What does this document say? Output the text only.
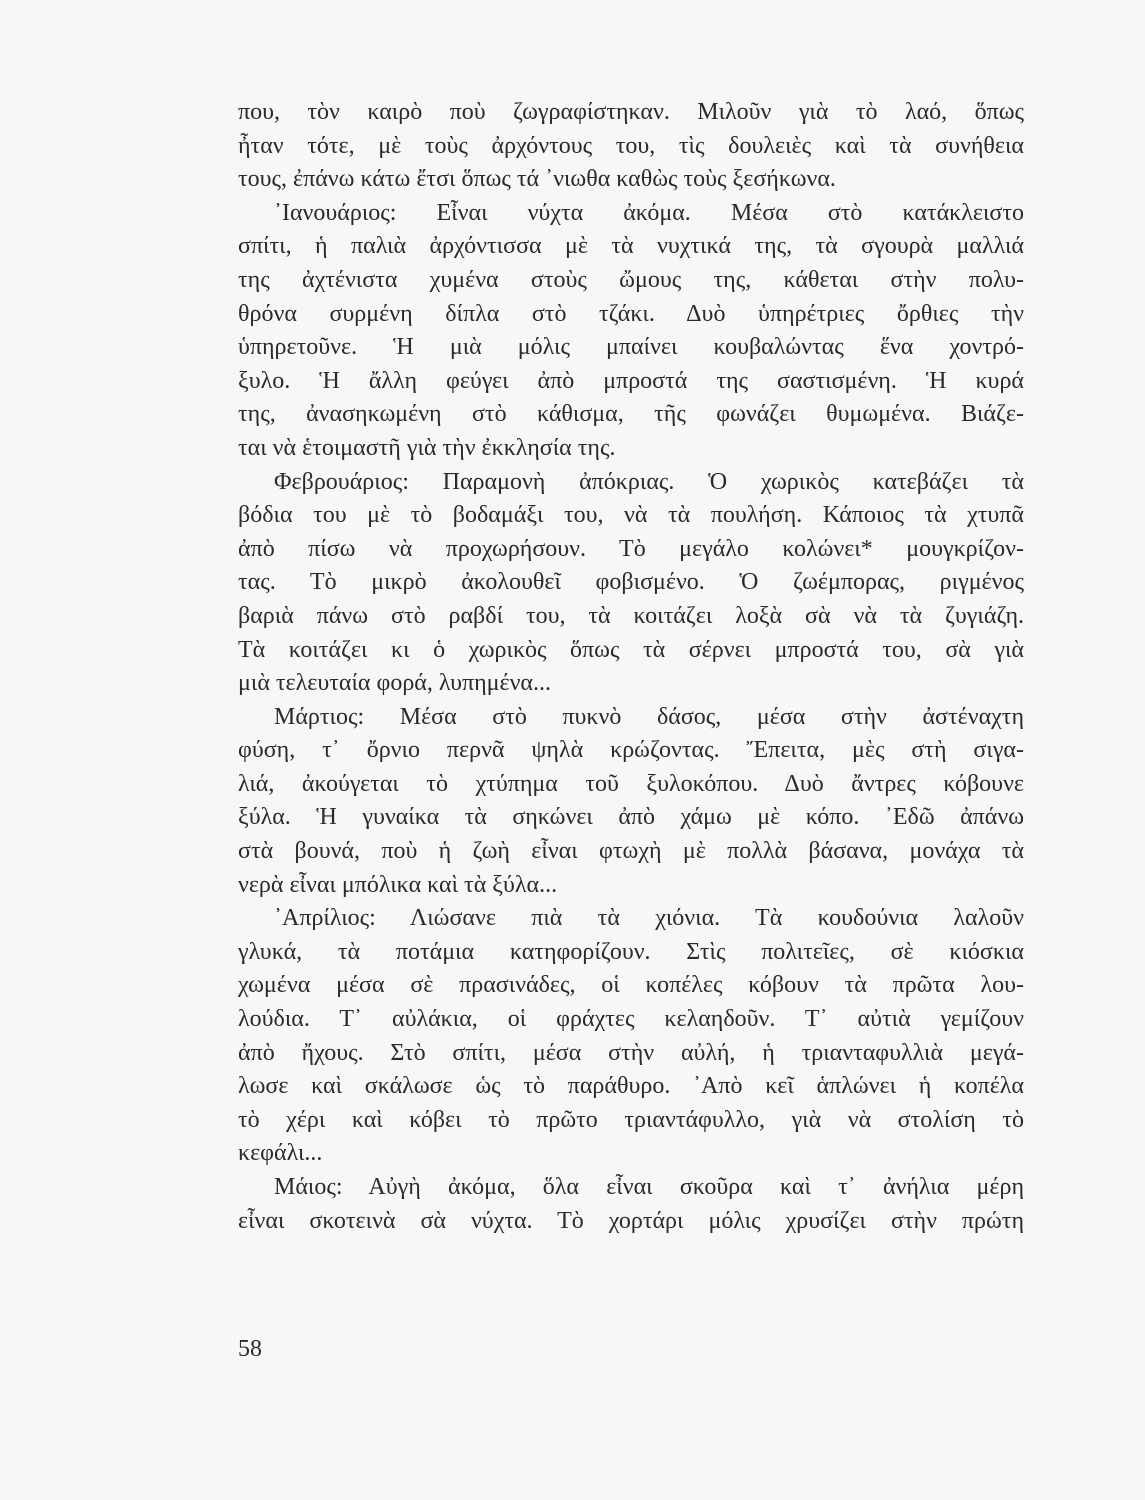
που, τὸν καιρὸ ποὺ ζωγραφίστηκαν. Μιλοῦν γιὰ τὸ λαό, ὅπως
ἦταν τότε, μὲ τοὺς ἀρχόντους του, τὶς δουλειὲς καὶ τὰ συνήθεια
τους, ἐπάνω κάτω ἔτσι ὅπως τά ᾽νιωθα καθὼς τοὺς ξεσήκωνα.
᾽Ιανουάριος: Εἶναι νύχτα ἀκόμα. Μέσα στὸ κατάκλειστο
σπίτι, ἡ παλιὰ ἀρχόντισσα μὲ τὰ νυχτικά της, τὰ σγουρὰ μαλλιά
της ἀχτένιστα χυμένα στοὺς ὤμους της, κάθεται στὴν πολυ-
θρόνα συρμένη δίπλα στὸ τζάκι. Δυὸ ὑπηρέτριες ὄρθιες τὴν
ὑπηρετοῦνε. Ἡ μιὰ μόλις μπαίνει κουβαλώντας ἕνα χοντρό-
ξυλο. Ἡ ἄλλη φεύγει ἀπὸ μπροστά της σαστισμένη. Ἡ κυρά
της, ἀνασηκωμένη στὸ κάθισμα, τῆς φωνάζει θυμωμένα. Βιάζε-
ται νὰ ἑτοιμαστῆ γιὰ τὴν ἐκκλησία της.
Φεβρουάριος: Παραμονὴ ἀπόκριας. Ὁ χωρικὸς κατεβάζει τὰ
βόδια του μὲ τὸ βοδαμάξι του, νὰ τὰ πουλήση. Κάποιος τὰ χτυπᾶ
ἀπὸ πίσω νὰ προχωρήσουν. Τὸ μεγάλο κολώνει* μουγκρίζον-
τας. Τὸ μικρὸ ἀκολουθεῖ φοβισμένο. Ὁ ζωέμπορας, ριγμένος
βαριὰ πάνω στὸ ραβδί του, τὰ κοιτάζει λοξὰ σὰ νὰ τὰ ζυγιάζη.
Τὰ κοιτάζει κι ὁ χωρικὸς ὅπως τὰ σέρνει μπροστά του, σὰ γιὰ
μιὰ τελευταία φορά, λυπημένα...
Μάρτιος: Μέσα στὸ πυκνὸ δάσος, μέσα στὴν ἀστέναχτη
φύση, τ᾽ ὄρνιο περνᾶ ψηλὰ κρώζοντας. Ἔπειτα, μὲς στὴ σιγα-
λιά, ἀκούγεται τὸ χτύπημα τοῦ ξυλοκόπου. Δυὸ ἄντρες κόβουνε
ξύλα. Ἡ γυναίκα τὰ σηκώνει ἀπὸ χάμω μὲ κόπο. ᾽Εδῶ ἀπάνω
στὰ βουνά, ποὺ ἡ ζωὴ εἶναι φτωχὴ μὲ πολλὰ βάσανα, μονάχα τὰ
νερὰ εἶναι μπόλικα καὶ τὰ ξύλα...
᾽Απρίλιος: Λιώσανε πιὰ τὰ χιόνια. Τὰ κουδούνια λαλοῦν
γλυκά, τὰ ποτάμια κατηφορίζουν. Στὶς πολιτεῖες, σὲ κιόσκια
χωμένα μέσα σὲ πρασινάδες, οἱ κοπέλες κόβουν τὰ πρῶτα λου-
λούδια. Τ᾽ αὐλάκια, οἱ φράχτες κελαηδοῦν. Τ᾽ αὐτιὰ γεμίζουν
ἀπὸ ἤχους. Στὸ σπίτι, μέσα στὴν αὐλή, ἡ τριανταφυλλιὰ μεγά-
λωσε καὶ σκάλωσε ὡς τὸ παράθυρο. ᾽Απὸ κεῖ ἁπλώνει ἡ κοπέλα
τὸ χέρι καὶ κόβει τὸ πρῶτο τριαντάφυλλο, γιὰ νὰ στολίση τὸ
κεφάλι...
Μάιος: Αὐγὴ ἀκόμα, ὅλα εἶναι σκοῦρα καὶ τ᾽ ἀνήλια μέρη
εἶναι σκοτεινὰ σὰ νύχτα. Τὸ χορτάρι μόλις χρυσίζει στὴν πρώτη
58
